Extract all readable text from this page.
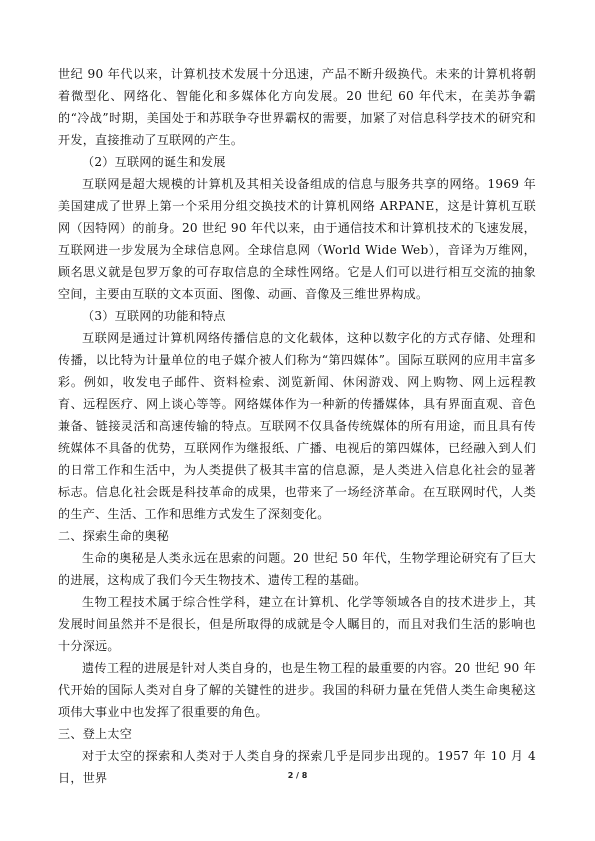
世纪 90 年代以来，计算机技术发展十分迅速，产品不断升级换代。未来的计算机将朝着微型化、网络化、智能化和多媒体化方向发展。20 世纪 60 年代末，在美苏争霸的“冷战”时期，美国处于和苏联争夺世界霸权的需要，加紧了对信息科学技术的研究和开发，直接推动了互联网的产生。

（2）互联网的诞生和发展

互联网是超大规模的计算机及其相关设备组成的信息与服务共享的网络。1969 年美国建成了世界上第一个采用分组交换技术的计算机网络 ARPANE，这是计算机互联网（因特网）的前身。20 世纪 90 年代以来，由于通信技术和计算机技术的飞速发展，互联网进一步发展为全球信息网。全球信息网（World Wide Web），音译为万维网，顾名思义就是包罗万象的可存取信息的全球性网络。它是人们可以进行相互交流的抽象空间，主要由互联的文本页面、图像、动画、音像及三维世界构成。

（3）互联网的功能和特点

互联网是通过计算机网络传播信息的文化载体，这种以数字化的方式存储、处理和传播，以比特为计量单位的电子媒介被人们称为“第四媒体”。国际互联网的应用丰富多彩。例如，收发电子邮件、资料检索、浏览新闻、休闲游戏、网上购物、网上远程教育、远程医疗、网上谈心等等。网络媒体作为一种新的传播媒体，具有界面直观、音色兼备、链接灵活和高速传输的特点。互联网不仅具备传统媒体的所有用途，而且具有传统媒体不具备的优势，互联网作为继报纸、广播、电视后的第四媒体，已经融入到人们的日常工作和生活中，为人类提供了极其丰富的信息源，是人类进入信息化社会的显著标志。信息化社会既是科技革命的成果，也带来了一场经济革命。在互联网时代，人类的生产、生活、工作和思维方式发生了深刻变化。

二、探索生命的奥秘

生命的奥秘是人类永远在思索的问题。20 世纪 50 年代，生物学理论研究有了巨大的进展，这构成了我们今天生物技术、遗传工程的基础。

生物工程技术属于综合性学科，建立在计算机、化学等领域各自的技术进步上，其发展时间虽然并不是很长，但是所取得的成就是令人瞩目的，而且对我们生活的影响也十分深远。

遗传工程的进展是针对人类自身的，也是生物工程的最重要的内容。20 世纪 90 年代开始的国际人类对自身了解的关键性的进步。我国的科研力量在凭借人类生命奥秘这项伟大事业中也发挥了很重要的角色。

三、登上太空

对于太空的探索和人类对于人类自身的探索几乎是同步出现的。1957 年 10 月 4 日，世界	2 / 8
